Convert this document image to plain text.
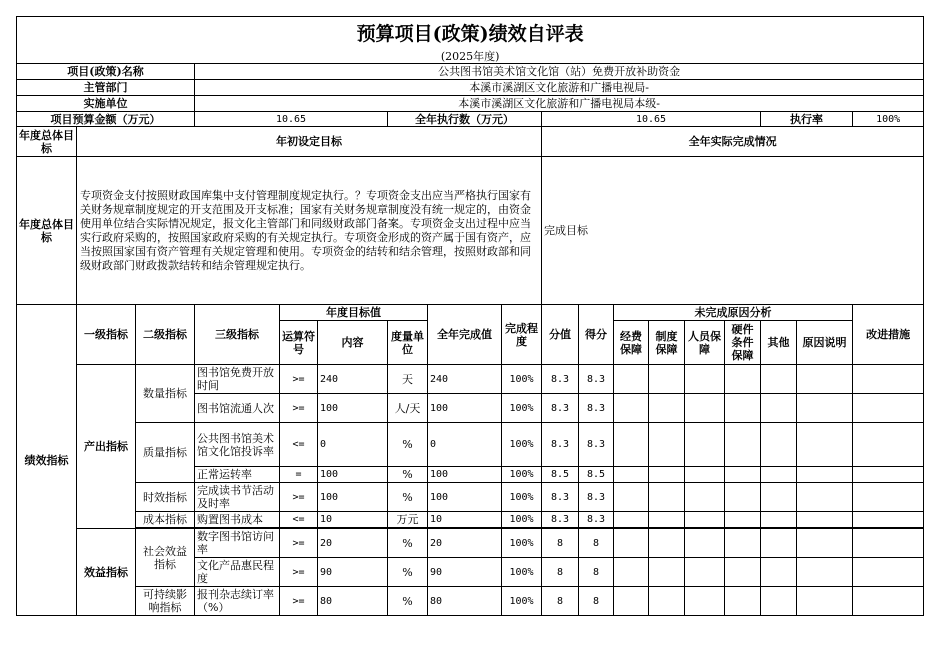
预算项目(政策)绩效自评表																	
(2025年度)																	
项目(政策)名称			公共图书馆美术馆文化馆（站）免费开放补助资金														
主管部门			本溪市溪湖区文化旅游和广播电视局-														
实施单位			本溪市溪湖区文化旅游和广播电视局本级-														
项目预算金额（万元）			10.65			全年执行数（万元）			10.65						执行率		100%
年度总体目标	年初设定目标								全年实际完成情况								
年度总体目标	专项资金支付按照财政国库集中支付管理制度规定执行。？专项资金支出应当严格执行国家有关财务规章制度规定的开支范围及开支标准；国家有关财务规章制度没有统一规定的，由资金使用单位结合实际情况规定，报文化主管部门和同级财政部门备案。专项资金支出过程中应当实行政府采购的，按照国家政府采购的有关规定执行。专项资金形成的资产属于国有资产，应当按照国家国有资产管理有关规定管理和使用。专项资金的结转和结余管理，按照财政部和同级财政部门财政拨款结转和结余管理规定执行。								完成目标								
绩效指标	一级指标	二级指标	三级指标	年度目标值			全年完成值	完成程度	分值	得分	未完成原因分析						改进措施
				运算符号	内容	度量单位					经费保障	制度保障	人员保障	硬件条件保障	其他	原因说明	
	产出指标	数量指标	图书馆免费开放时间	>=	240	天	240	100%	8.3	8.3							
			图书馆流通人次	>=	100	人/天	100	100%	8.3	8.3							
		质量指标	公共图书馆美术馆文化馆投诉率	<=	0	%	0	100%	8.3	8.3							
			正常运转率	=	100	%	100	100%	8.5	8.5							
		时效指标	完成读书节活动及时率	>=	100	%	100	100%	8.3	8.3							
		成本指标	购置图书成本	<=	10	万元	10	100%	8.3	8.3							

	效益指标	社会效益指标	数字图书馆访问率	>=	20	%	20	100%	8	8							
			文化产品惠民程度	>=	90	%	90	100%	8	8							
		可持续影响指标	报刊杂志续订率（%）	>=	80	%	80	100%	8	8							
